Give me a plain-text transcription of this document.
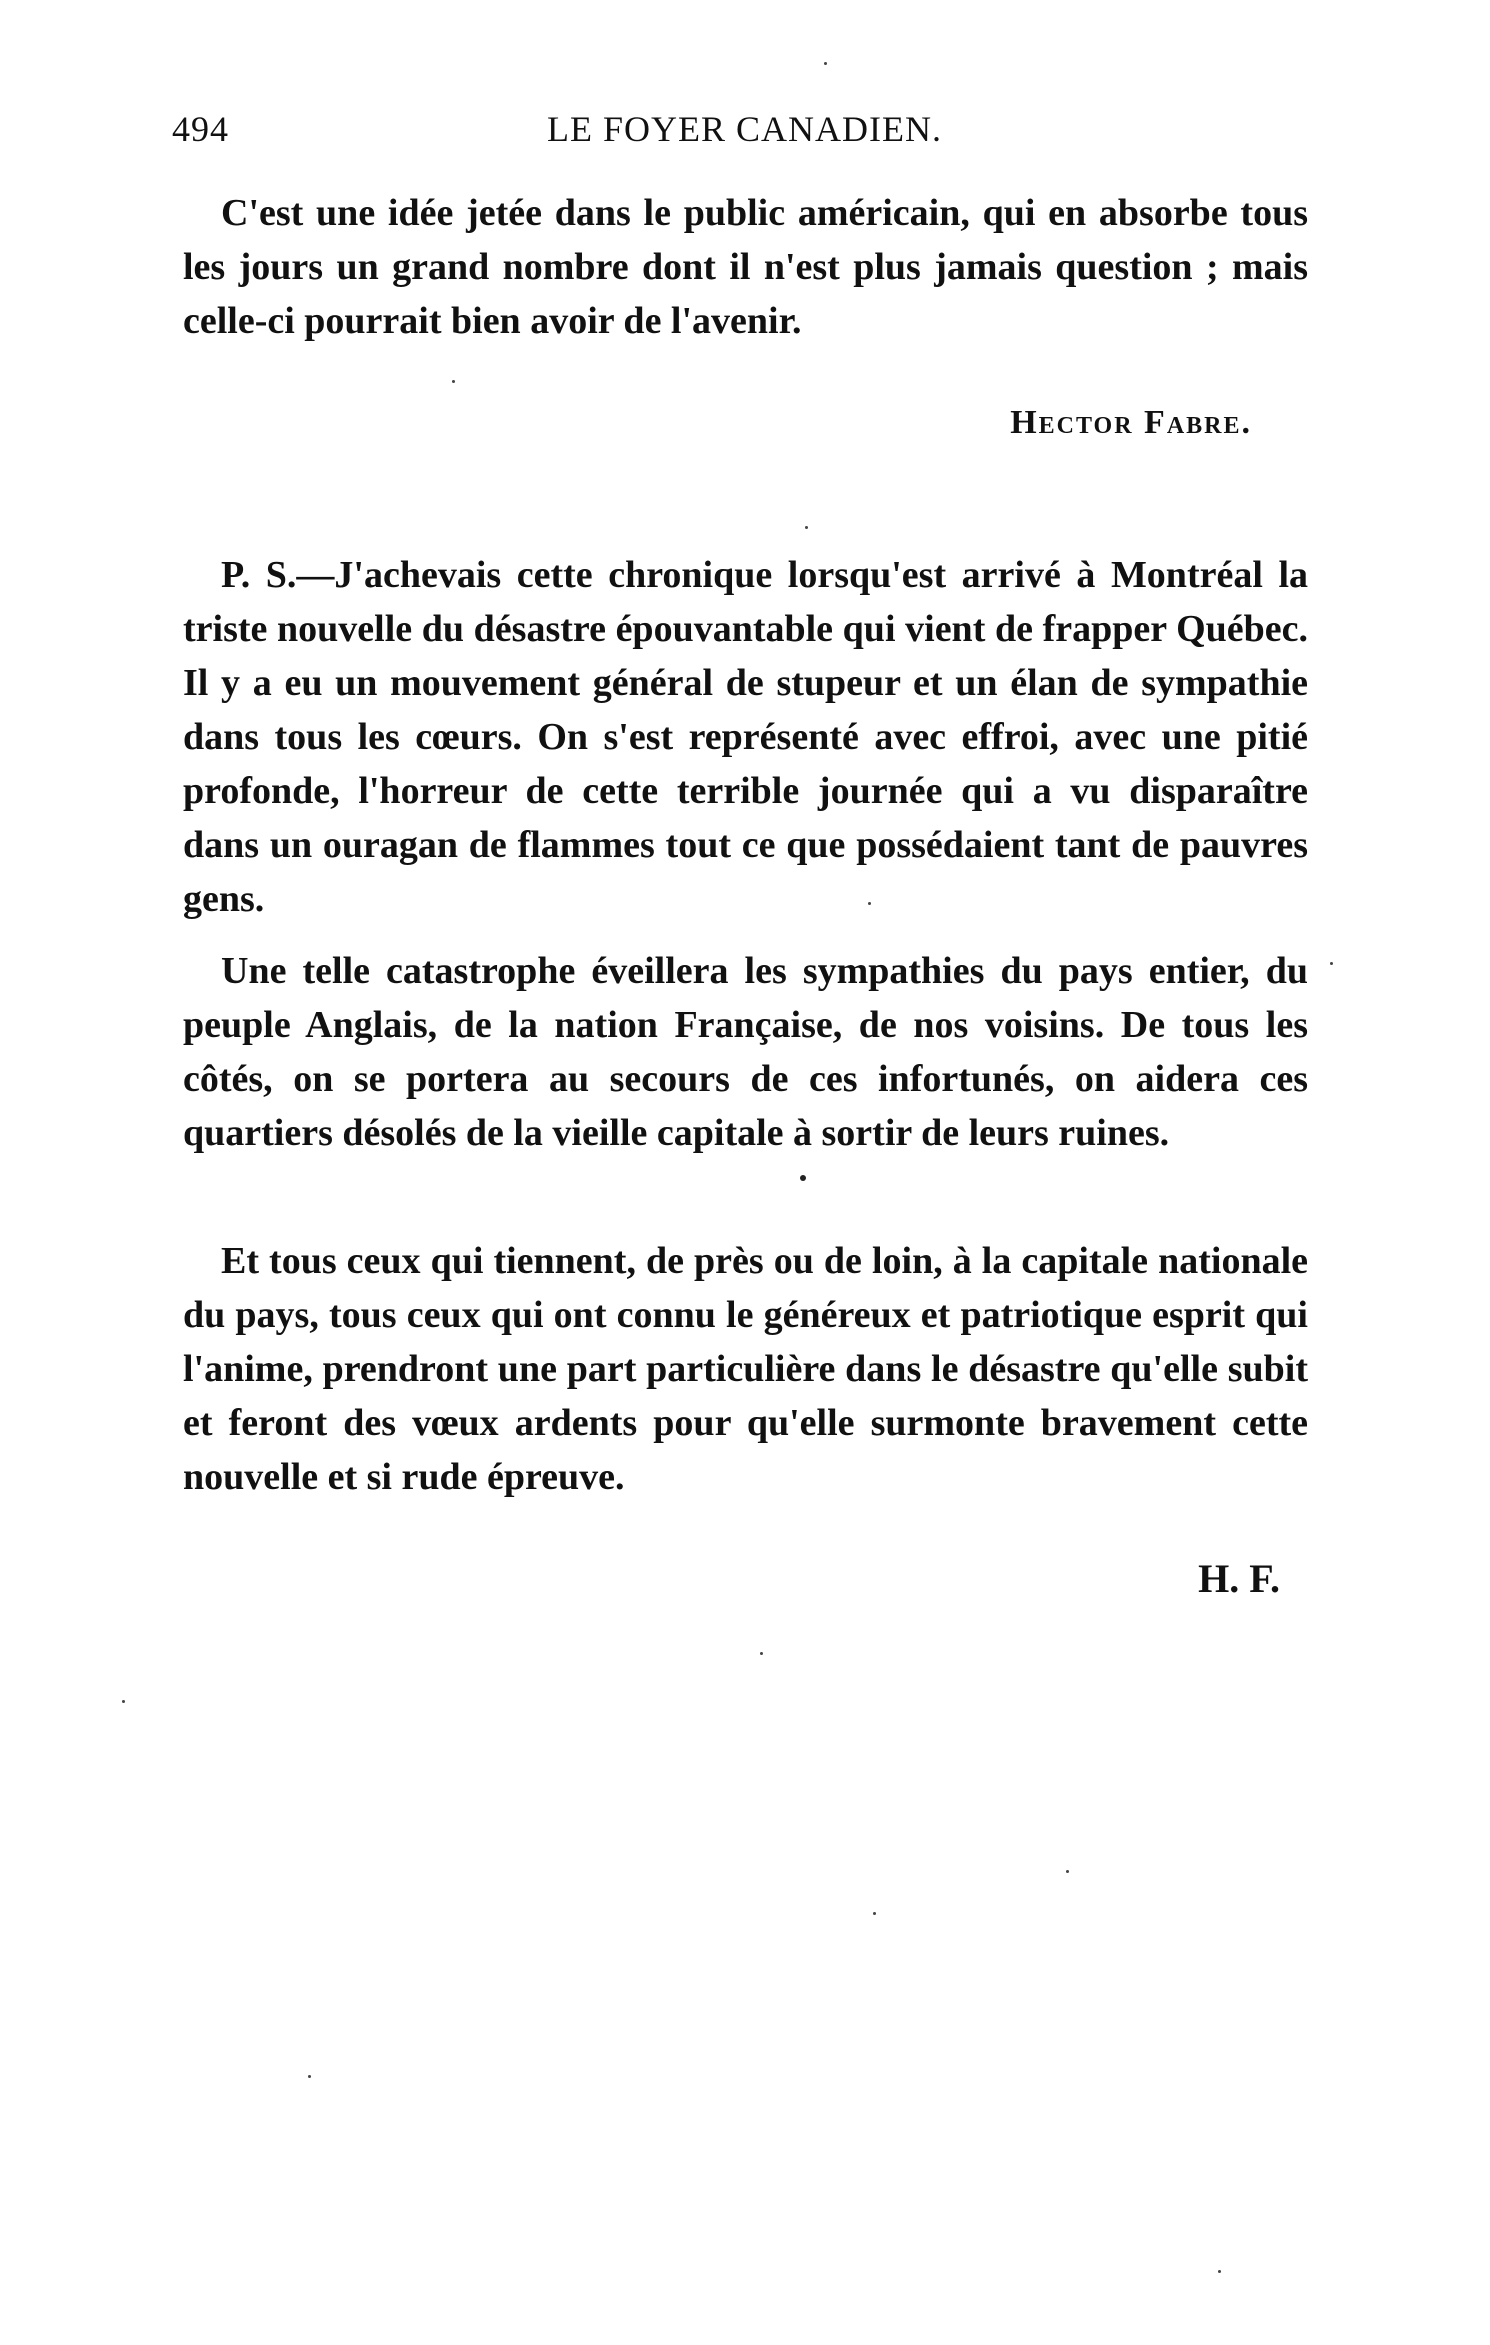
494	LE FOYER CANADIEN.

C'est une idée jetée dans le public américain, qui en absorbe tous les jours un grand nombre dont il n'est plus jamais question ; mais celle-ci pourrait bien avoir de l'avenir.

Hector Fabre.

P. S.—J'achevais cette chronique lorsqu'est arrivé à Montréal la triste nouvelle du désastre épouvantable qui vient de frapper Québec. Il y a eu un mouvement général de stupeur et un élan de sympathie dans tous les cœurs. On s'est représenté avec effroi, avec une pitié profonde, l'horreur de cette terrible journée qui a vu disparaître dans un ouragan de flammes tout ce que possédaient tant de pauvres gens.

Une telle catastrophe éveillera les sympathies du pays entier, du peuple Anglais, de la nation Française, de nos voisins. De tous les côtés, on se portera au secours de ces infortunés, on aidera ces quartiers désolés de la vieille capitale à sortir de leurs ruines.

Et tous ceux qui tiennent, de près ou de loin, à la capitale nationale du pays, tous ceux qui ont connu le généreux et patriotique esprit qui l'anime, prendront une part particulière dans le désastre qu'elle subit et feront des vœux ardents pour qu'elle surmonte bravement cette nouvelle et si rude épreuve.

H. F.
